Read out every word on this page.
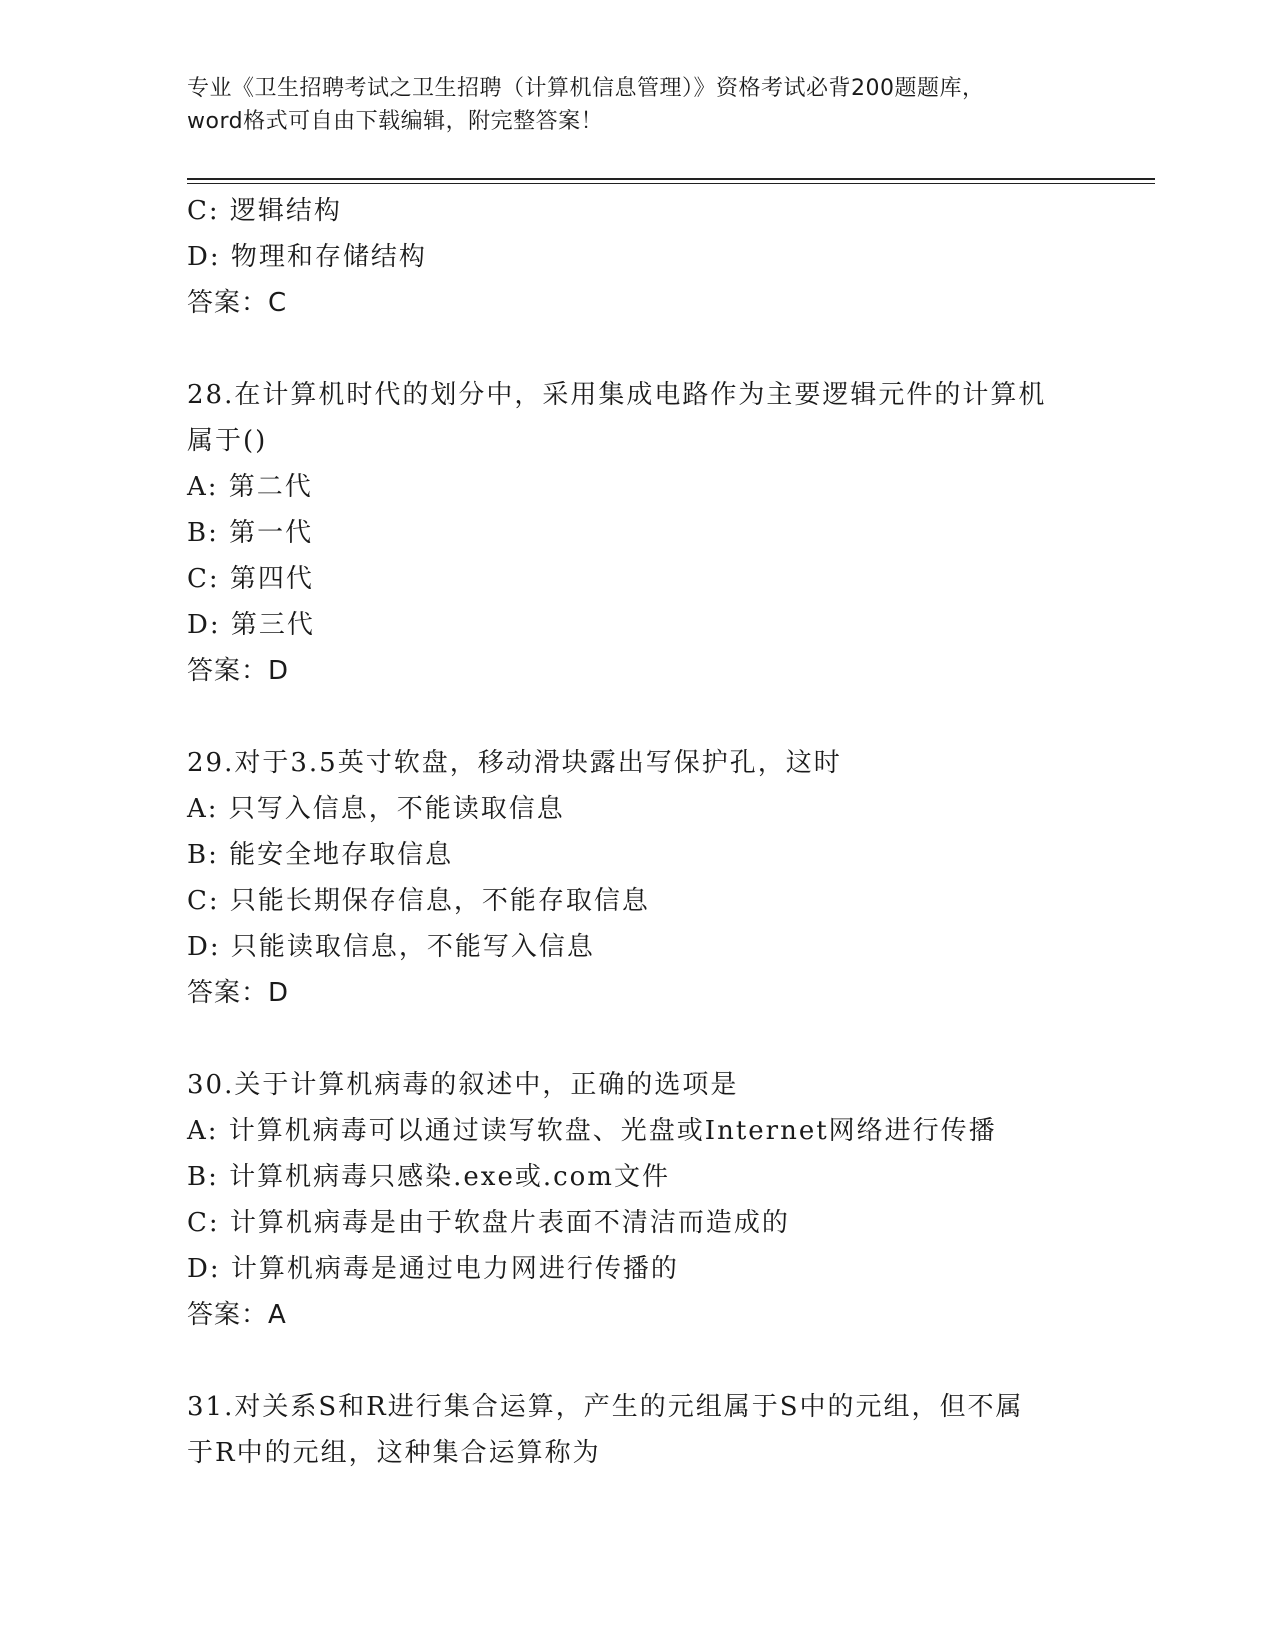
专业《卫生招聘考试之卫生招聘（计算机信息管理）》资格考试必背200题题库，
word格式可自由下载编辑，附完整答案！
C: 逻辑结构
D: 物理和存储结构
答案：C
28.在计算机时代的划分中，采用集成电路作为主要逻辑元件的计算机
属于()
A: 第二代
B: 第一代
C: 第四代
D: 第三代
答案：D
29.对于3.5英寸软盘，移动滑块露出写保护孔，这时
A: 只写入信息，不能读取信息
B: 能安全地存取信息
C: 只能长期保存信息，不能存取信息
D: 只能读取信息，不能写入信息
答案：D
30.关于计算机病毒的叙述中，正确的选项是
A: 计算机病毒可以通过读写软盘、光盘或Internet网络进行传播
B: 计算机病毒只感染.exe或.com文件
C: 计算机病毒是由于软盘片表面不清洁而造成的
D: 计算机病毒是通过电力网进行传播的
答案：A
31.对关系S和R进行集合运算，产生的元组属于S中的元组，但不属
于R中的元组，这种集合运算称为
